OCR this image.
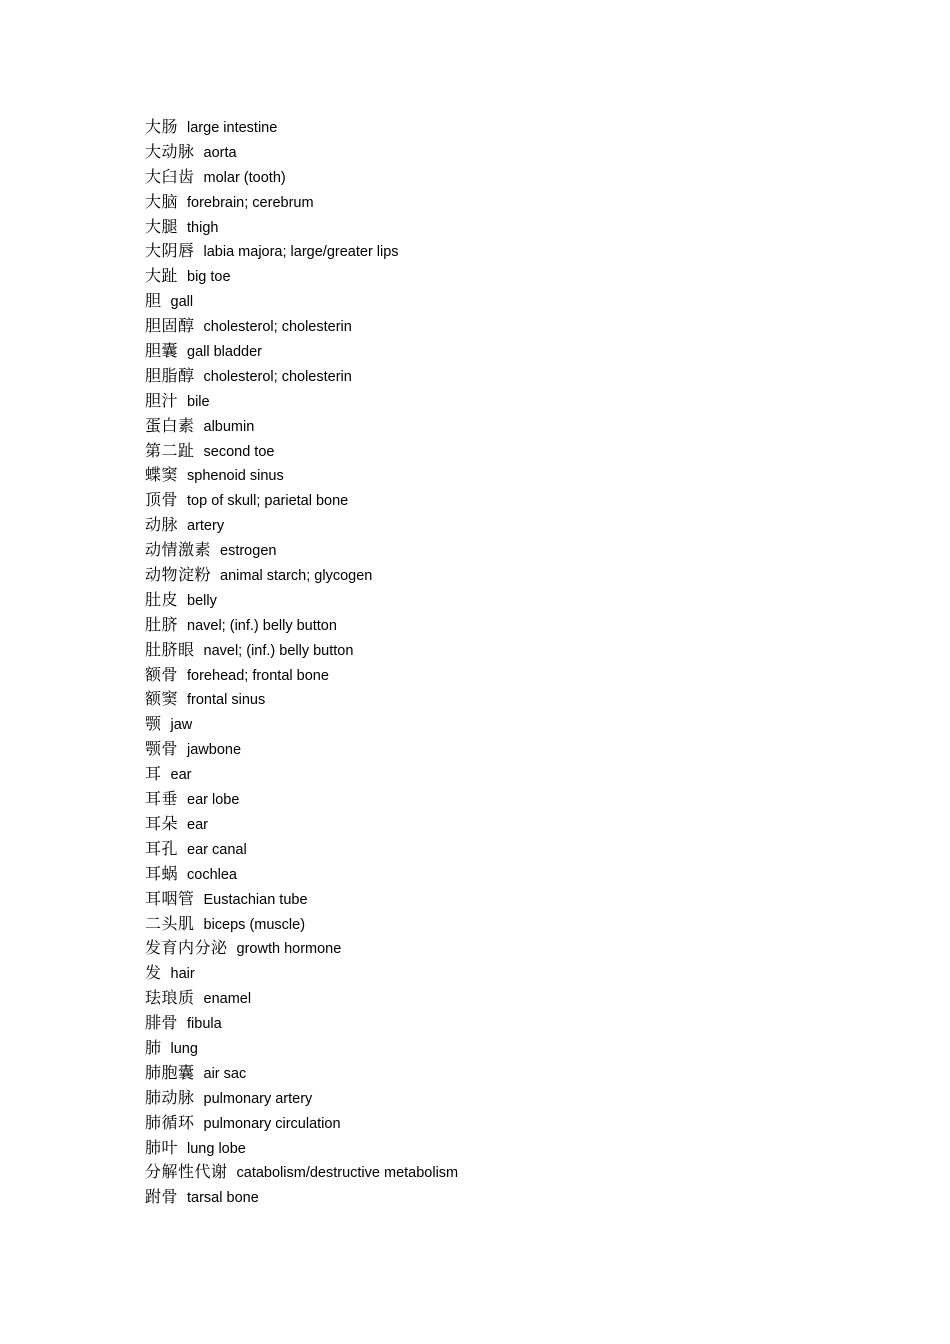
大肠 large intestine
大动脉 aorta
大臼齿 molar (tooth)
大脑 forebrain; cerebrum
大腿 thigh
大阴唇 labia majora; large/greater lips
大趾 big toe
胆 gall
胆固醇 cholesterol; cholesterin
胆囊 gall bladder
胆脂醇 cholesterol; cholesterin
胆汁 bile
蛋白素 albumin
第二趾 second toe
蝶窦 sphenoid sinus
顶骨 top of skull; parietal bone
动脉 artery
动情激素 estrogen
动物淀粉 animal starch; glycogen
肚皮 belly
肚脐 navel; (inf.) belly button
肚脐眼 navel; (inf.) belly button
额骨 forehead; frontal bone
额窦 frontal sinus
颚 jaw
颚骨 jawbone
耳 ear
耳垂 ear lobe
耳朵 ear
耳孔 ear canal
耳蜗 cochlea
耳咽管 Eustachian tube
二头肌 biceps (muscle)
发育内分泌 growth hormone
发 hair
珐琅质 enamel
腓骨 fibula
肺 lung
肺胞囊 air sac
肺动脉 pulmonary artery
肺循环 pulmonary circulation
肺叶 lung lobe
分解性代谢 catabolism/destructive metabolism
跗骨 tarsal bone
